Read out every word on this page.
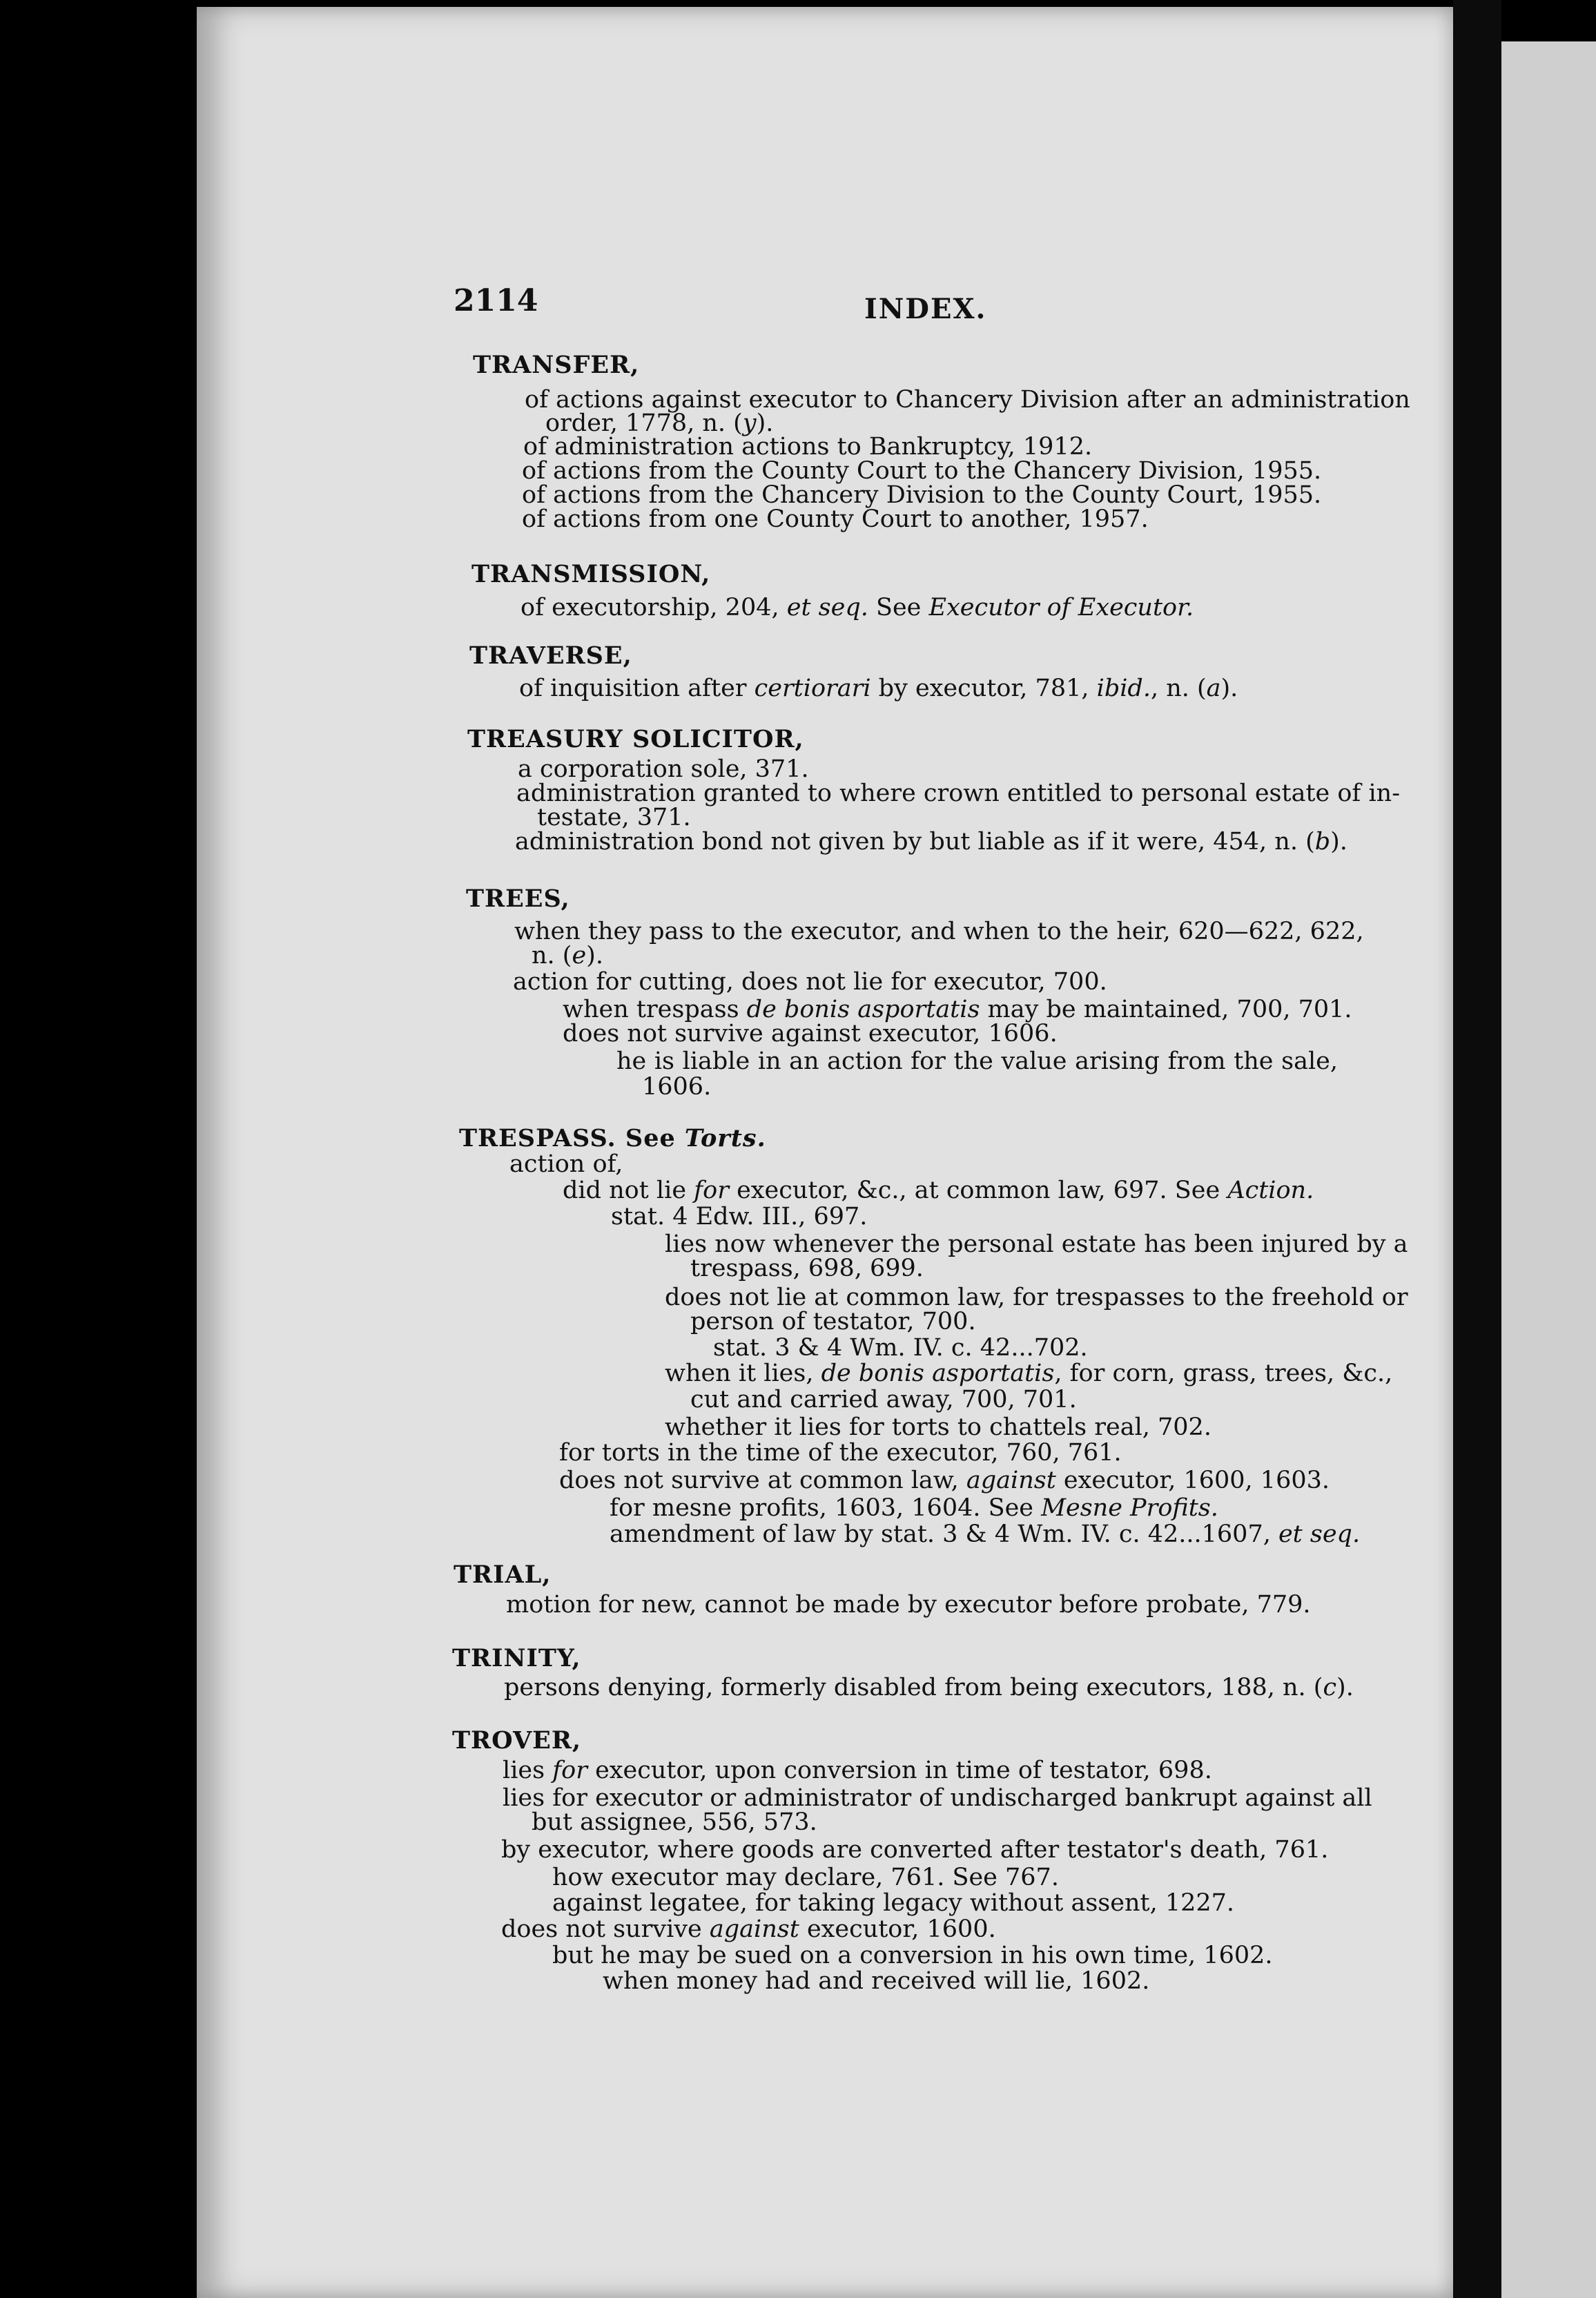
2114	INDEX.
TRANSFER,
of actions against executor to Chancery Division after an administration
order, 1778, n. (y).
of administration actions to Bankruptcy, 1912.
of actions from the County Court to the Chancery Division, 1955.
of actions from the Chancery Division to the County Court, 1955.
of actions from one County Court to another, 1957.
TRANSMISSION,
of executorship, 204, et seq. See Executor of Executor.
TRAVERSE,
of inquisition after certiorari by executor, 781, ibid., n. (a).
TREASURY SOLICITOR,
a corporation sole, 371.
administration granted to where crown entitled to personal estate of in-
testate, 371.
administration bond not given by but liable as if it were, 454, n. (b).
TREES,
when they pass to the executor, and when to the heir, 620—622, 622,
n. (e).
action for cutting, does not lie for executor, 700.
when trespass de bonis asportatis may be maintained, 700, 701.
does not survive against executor, 1606.
he is liable in an action for the value arising from the sale,
1606.
TRESPASS. See Torts.
action of,
did not lie for executor, &c., at common law, 697. See Action.
stat. 4 Edw. III., 697.
lies now whenever the personal estate has been injured by a
trespass, 698, 699.
does not lie at common law, for trespasses to the freehold or
person of testator, 700.
stat. 3 & 4 Wm. IV. c. 42...702.
when it lies, de bonis asportatis, for corn, grass, trees, &c.,
cut and carried away, 700, 701.
whether it lies for torts to chattels real, 702.
for torts in the time of the executor, 760, 761.
does not survive at common law, against executor, 1600, 1603.
for mesne profits, 1603, 1604. See Mesne Profits.
amendment of law by stat. 3 & 4 Wm. IV. c. 42...1607, et seq.
TRIAL,
motion for new, cannot be made by executor before probate, 779.
TRINITY,
persons denying, formerly disabled from being executors, 188, n. (c).
TROVER,
lies for executor, upon conversion in time of testator, 698.
lies for executor or administrator of undischarged bankrupt against all
but assignee, 556, 573.
by executor, where goods are converted after testator's death, 761.
how executor may declare, 761. See 767.
against legatee, for taking legacy without assent, 1227.
does not survive against executor, 1600.
but he may be sued on a conversion in his own time, 1602.
when money had and received will lie, 1602.
